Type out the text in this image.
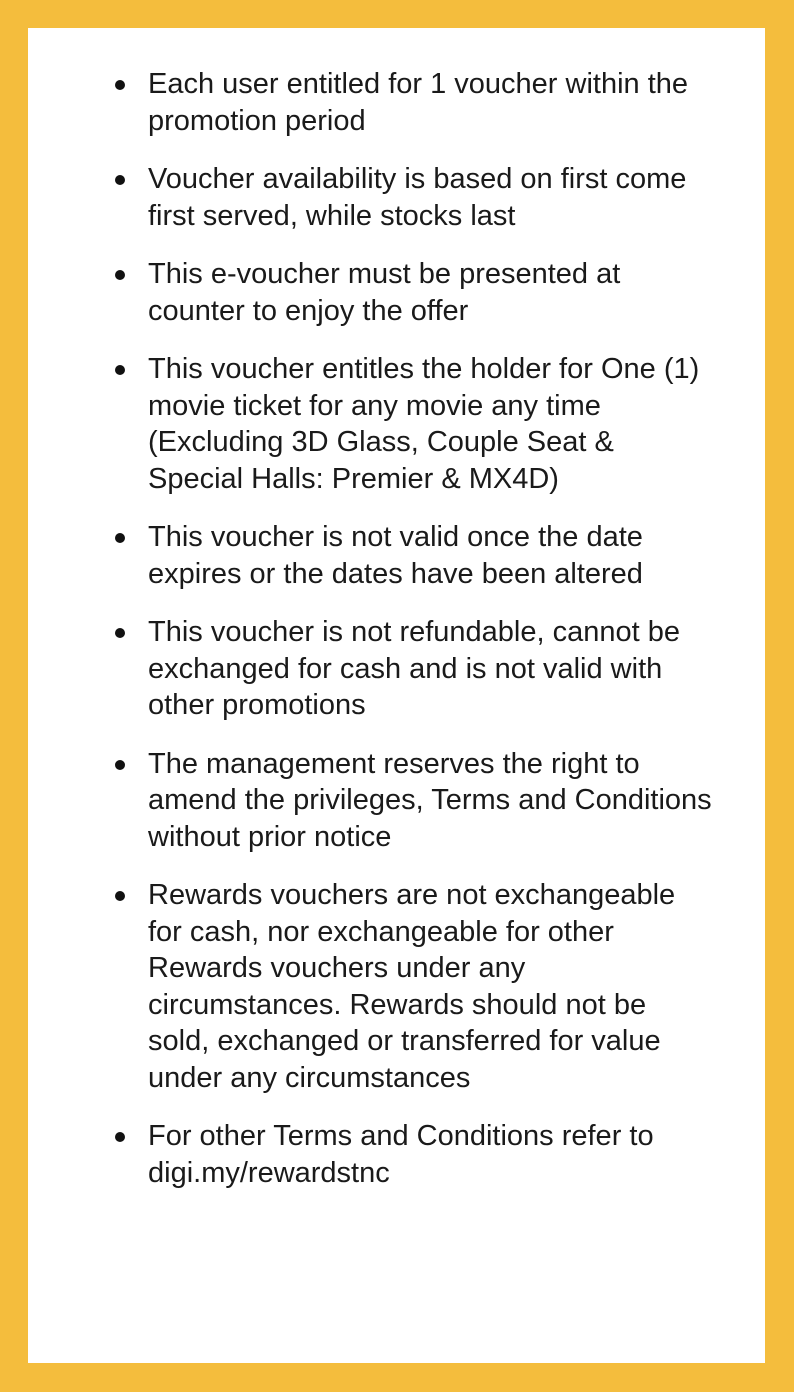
Each user entitled for 1 voucher within the promotion period
Voucher availability is based on first come first served, while stocks last
This e-voucher must be presented at counter to enjoy the offer
This voucher entitles the holder for One (1) movie ticket for any movie any time (Excluding 3D Glass, Couple Seat & Special Halls: Premier & MX4D)
This voucher is not valid once the date expires or the dates have been altered
This voucher is not refundable, cannot be exchanged for cash and is not valid with other promotions
The management reserves the right to amend the privileges, Terms and Conditions without prior notice
Rewards vouchers are not exchangeable for cash, nor exchangeable for other Rewards vouchers under any circumstances. Rewards should not be sold, exchanged or transferred for value under any circumstances
For other Terms and Conditions refer to digi.my/rewardstnc
